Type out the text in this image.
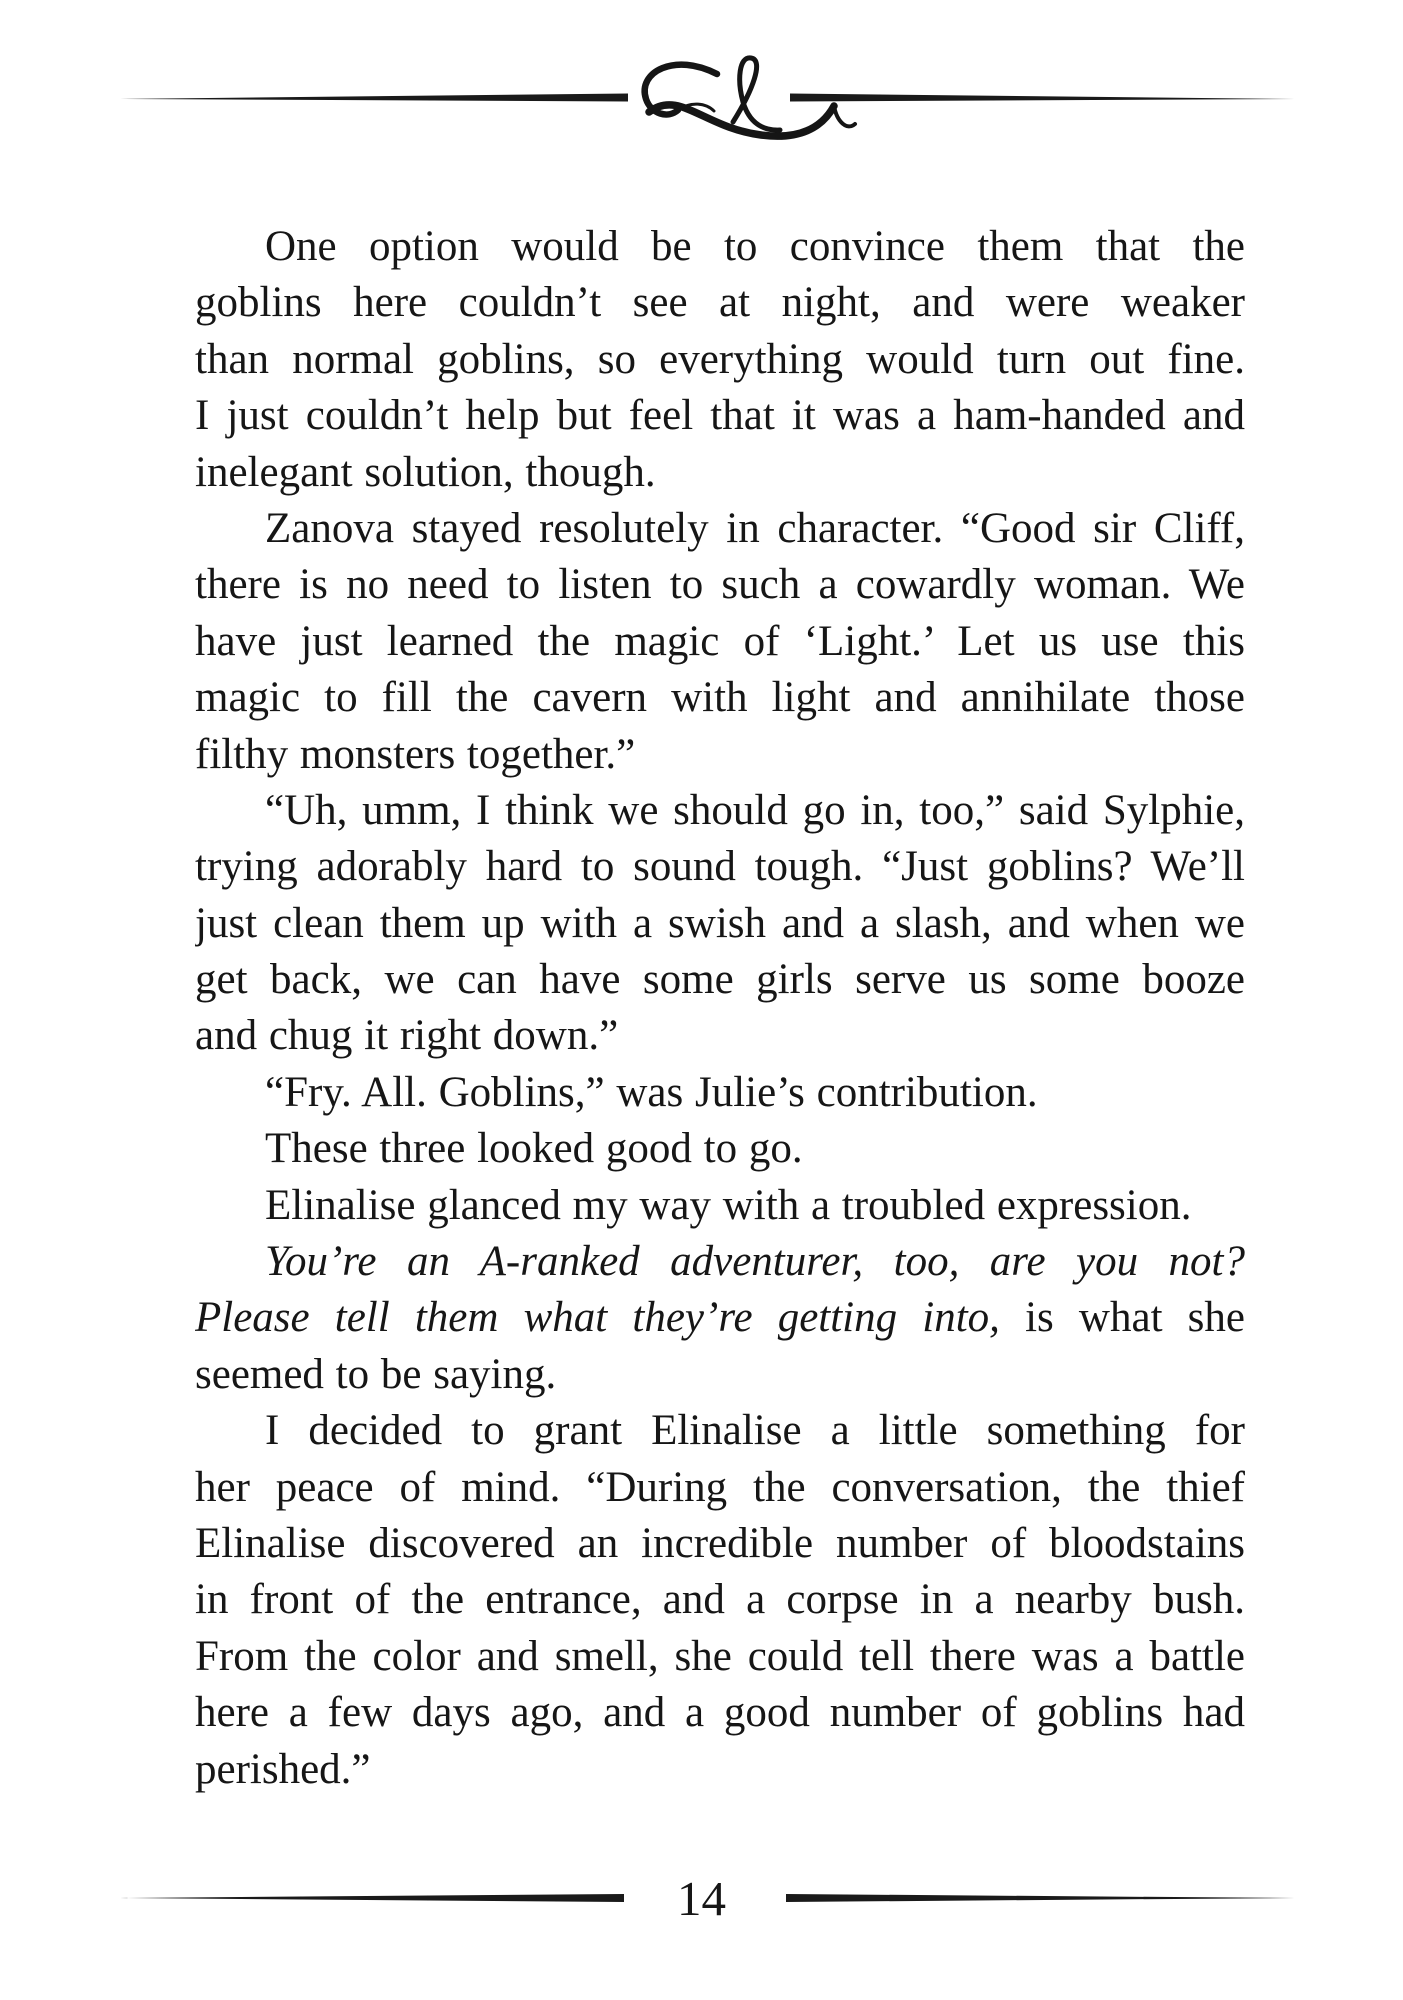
One option would be to convince them that the
goblins here couldn’t see at night, and were weaker
than normal goblins, so everything would turn out fine.
I just couldn’t help but feel that it was a ham-handed and
inelegant solution, though.
Zanova stayed resolutely in character. “Good sir Cliff,
there is no need to listen to such a cowardly woman. We
have just learned the magic of ‘Light.’ Let us use this
magic to fill the cavern with light and annihilate those
filthy monsters together.”
“Uh, umm, I think we should go in, too,” said Sylphie,
trying adorably hard to sound tough. “Just goblins? We’ll
just clean them up with a swish and a slash, and when we
get back, we can have some girls serve us some booze
and chug it right down.”
“Fry. All. Goblins,” was Julie’s contribution.
These three looked good to go.
Elinalise glanced my way with a troubled expression.
You’re an A-ranked adventurer, too, are you not?
Please tell them what they’re getting into, is what she
seemed to be saying.
I decided to grant Elinalise a little something for
her peace of mind. “During the conversation, the thief
Elinalise discovered an incredible number of bloodstains
in front of the entrance, and a corpse in a nearby bush.
From the color and smell, she could tell there was a battle
here a few days ago, and a good number of goblins had
perished.”
14
